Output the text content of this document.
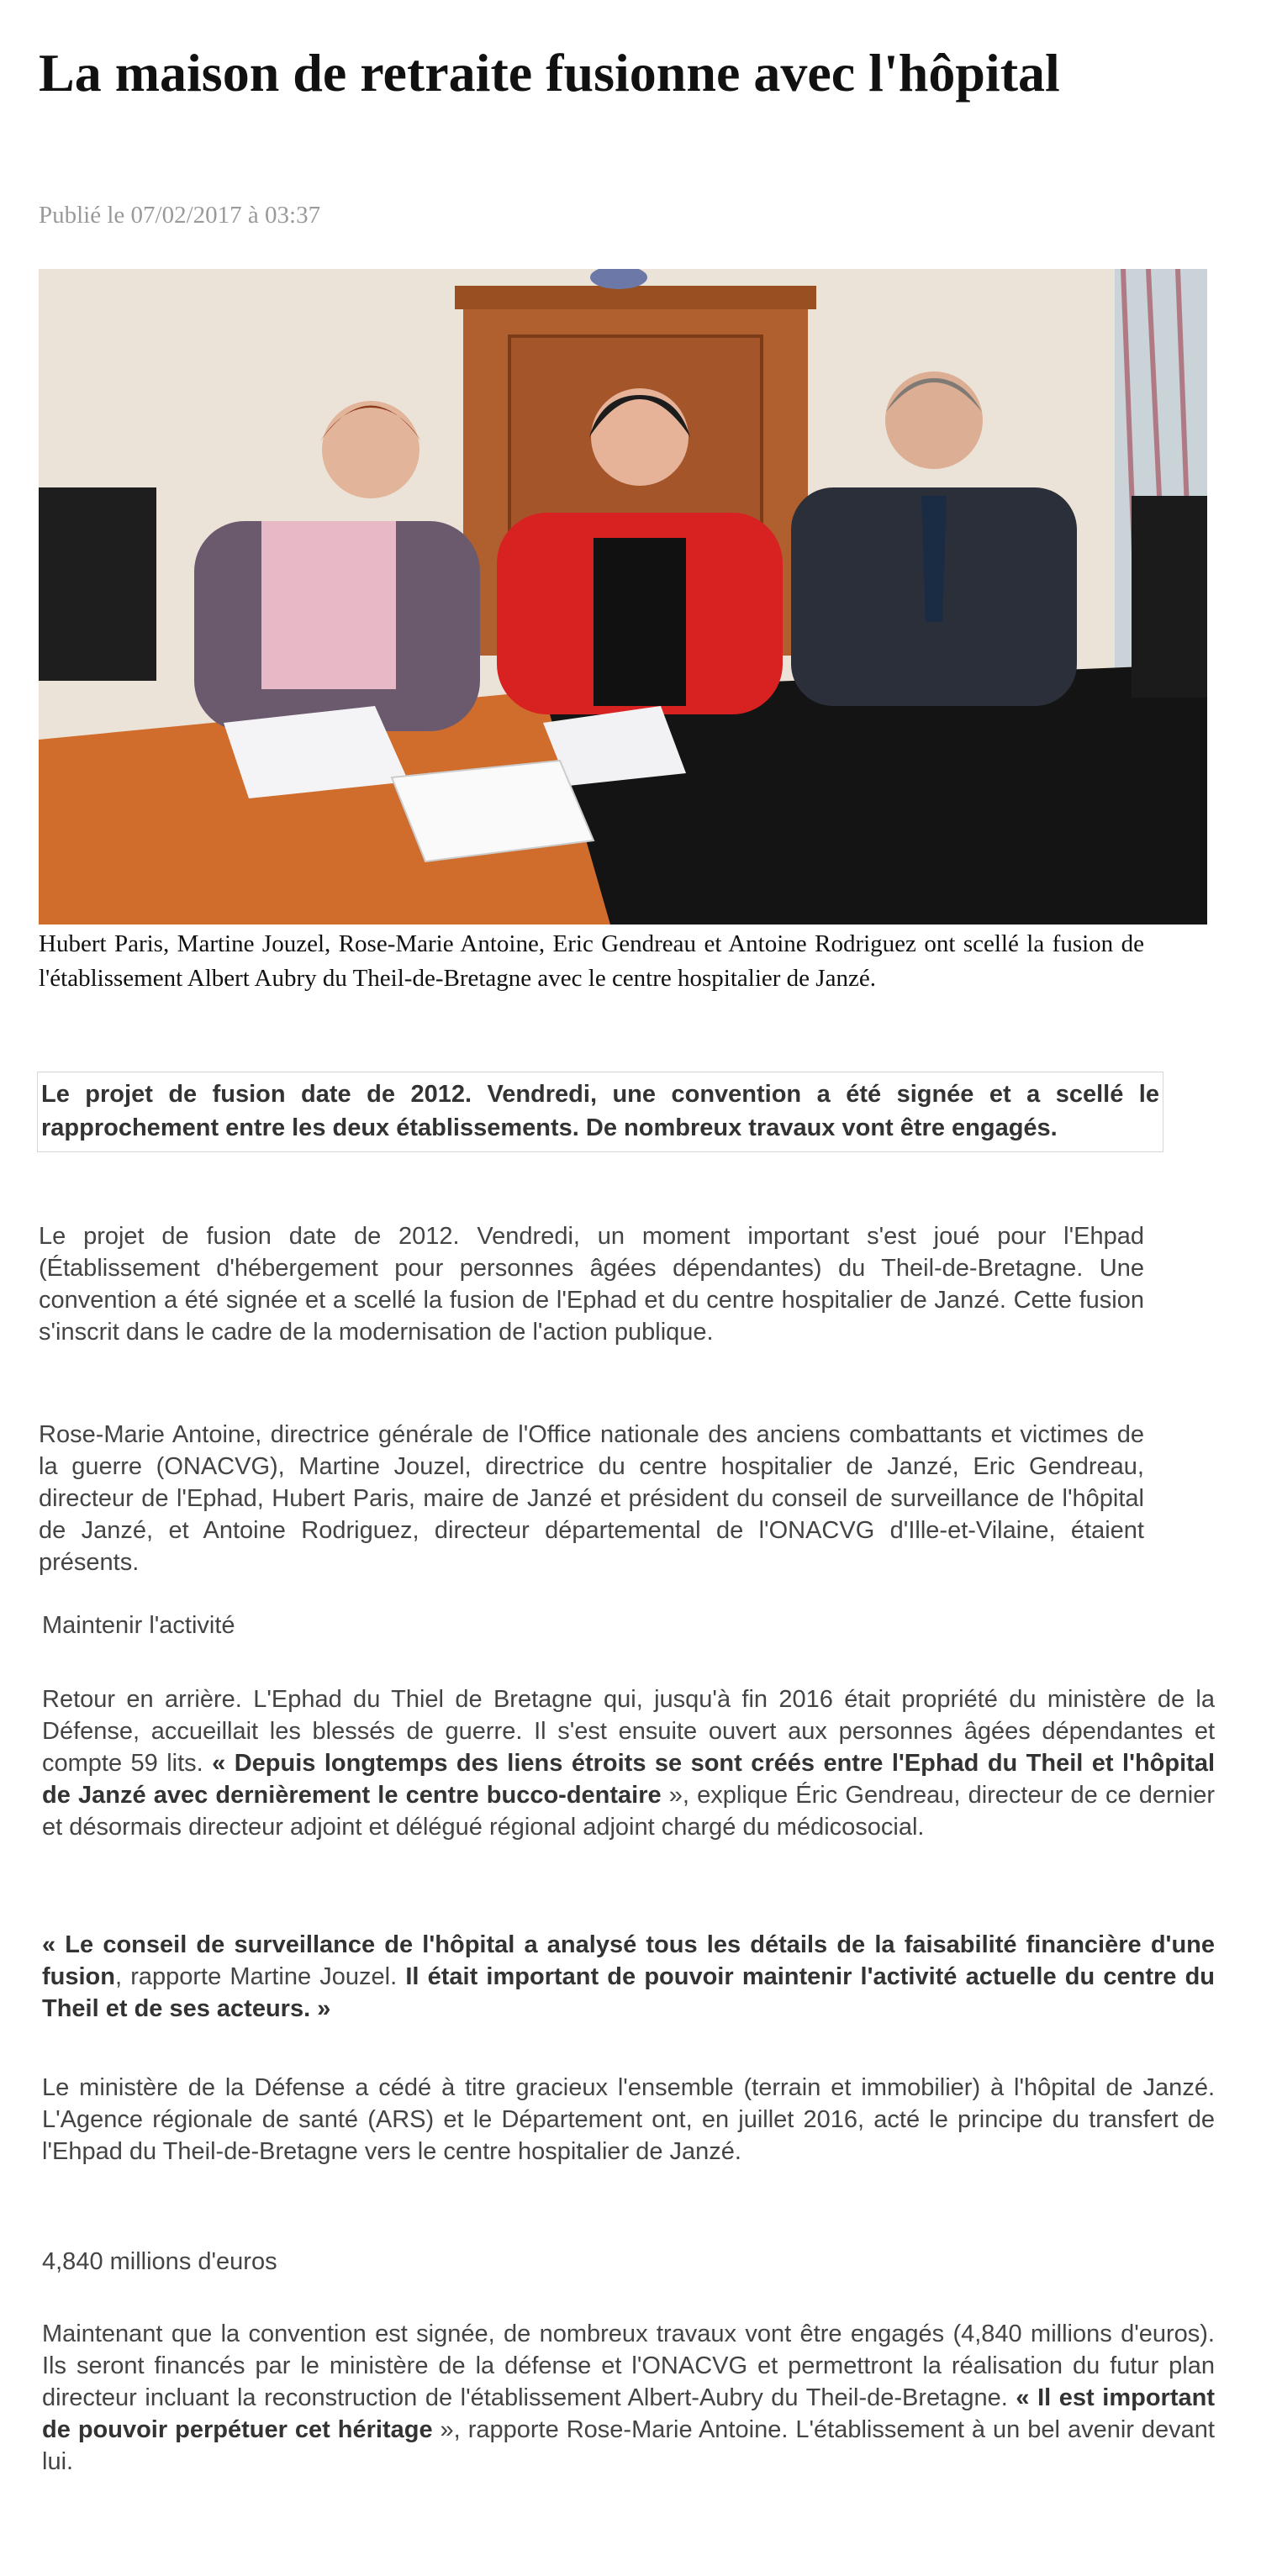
La maison de retraite fusionne avec l'hôpital
Publié le 07/02/2017 à 03:37
Hubert Paris, Martine Jouzel, Rose-Marie Antoine, Eric Gendreau et Antoine Rodriguez ont scellé la fusion de l'établissement Albert Aubry du Theil-de-Bretagne avec le centre hospitalier de Janzé.
Le projet de fusion date de 2012. Vendredi, une convention a été signée et a scellé le rapprochement entre les deux établissements. De nombreux travaux vont être engagés.

Le projet de fusion date de 2012. Vendredi, un moment important s'est joué pour l'Ehpad (Établissement d'hébergement pour personnes âgées dépendantes) du Theil-de-Bretagne. Une convention a été signée et a scellé la fusion de l'Ephad et du centre hospitalier de Janzé. Cette fusion s'inscrit dans le cadre de la modernisation de l'action publique.

Rose-Marie Antoine, directrice générale de l'Office nationale des anciens combattants et victimes de la guerre (ONACVG), Martine Jouzel, directrice du centre hospitalier de Janzé, Eric Gendreau, directeur de l'Ephad, Hubert Paris, maire de Janzé et président du conseil de surveillance de l'hôpital de Janzé, et Antoine Rodriguez, directeur départemental de l'ONACVG d'Ille-et-Vilaine, étaient présents.

Maintenir l'activité

Retour en arrière. L'Ephad du Thiel de Bretagne qui, jusqu'à fin 2016 était propriété du ministère de la Défense, accueillait les blessés de guerre. Il s'est ensuite ouvert aux personnes âgées dépendantes et compte 59 lits. « Depuis longtemps des liens étroits se sont créés entre l'Ephad du Theil et l'hôpital de Janzé avec dernièrement le centre bucco-dentaire », explique Éric Gendreau, directeur de ce dernier et désormais directeur adjoint et délégué régional adjoint chargé du médicosocial.

« Le conseil de surveillance de l'hôpital a analysé tous les détails de la faisabilité financière d'une fusion, rapporte Martine Jouzel. Il était important de pouvoir maintenir l'activité actuelle du centre du Theil et de ses acteurs. »

Le ministère de la Défense a cédé à titre gracieux l'ensemble (terrain et immobilier) à l'hôpital de Janzé. L'Agence régionale de santé (ARS) et le Département ont, en juillet 2016, acté le principe du transfert de l'Ehpad du Theil-de-Bretagne vers le centre hospitalier de Janzé.

4,840 millions d'euros

Maintenant que la convention est signée, de nombreux travaux vont être engagés (4,840 millions d'euros). Ils seront financés par le ministère de la défense et l'ONACVG et permettront la réalisation du futur plan directeur incluant la reconstruction de l'établissement Albert-Aubry du Theil-de-Bretagne. « Il est important de pouvoir perpétuer cet héritage », rapporte Rose-Marie Antoine. L'établissement à un bel avenir devant lui.
